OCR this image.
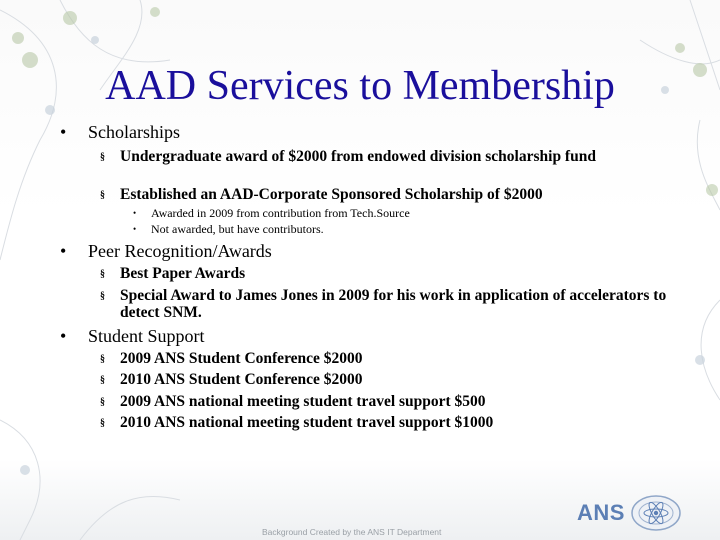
AAD Services to Membership
• Scholarships
§ Undergraduate award of $2000 from endowed division scholarship fund
§ Established an AAD-Corporate Sponsored Scholarship of $2000
• Awarded in 2009 from contribution from Tech.Source
• Not awarded, but have contributors.
• Peer Recognition/Awards
§ Best Paper Awards
§ Special Award to James Jones in 2009 for his work in application of accelerators to detect SNM.
• Student Support
§ 2009 ANS Student Conference $2000
§ 2010 ANS Student Conference $2000
§ 2009 ANS national meeting student travel support $500
§ 2010 ANS national meeting student travel support $1000
Background Created by the ANS IT Department
ANS
